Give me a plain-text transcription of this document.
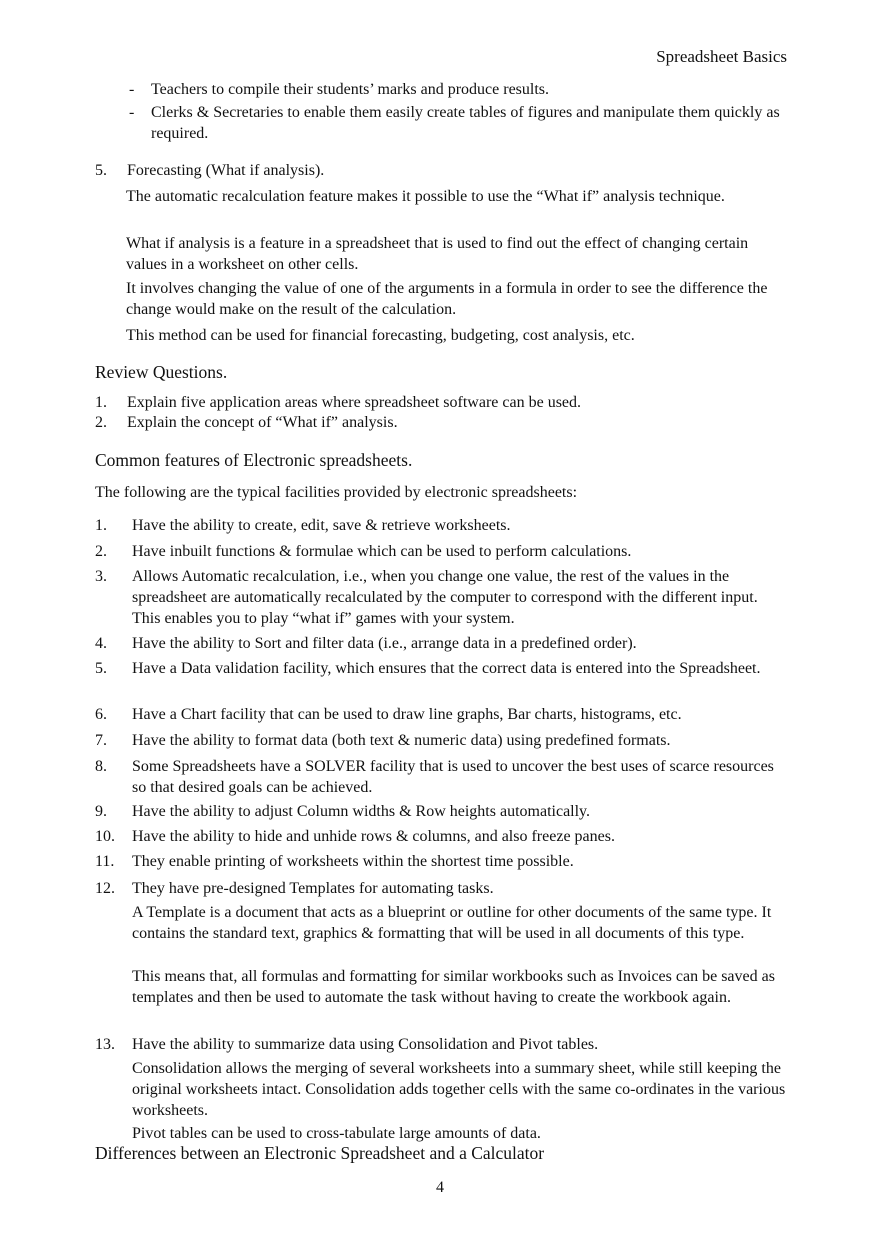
Spreadsheet Basics
- Teachers to compile their students’ marks and produce results.
- Clerks & Secretaries to enable them easily create tables of figures and manipulate them quickly as required.
5. Forecasting (What if analysis).
The automatic recalculation feature makes it possible to use the “What if” analysis technique.
What if analysis is a feature in a spreadsheet that is used to find out the effect of changing certain values in a worksheet on other cells.
It involves changing the value of one of the arguments in a formula in order to see the difference the change would make on the result of the calculation.
This method can be used for financial forecasting, budgeting, cost analysis, etc.
Review Questions.
1. Explain five application areas where spreadsheet software can be used.
2. Explain the concept of “What if” analysis.
Common features of Electronic spreadsheets.
The following are the typical facilities provided by electronic spreadsheets:
1. Have the ability to create, edit, save & retrieve worksheets.
2. Have inbuilt functions & formulae which can be used to perform calculations.
3. Allows Automatic recalculation, i.e., when you change one value, the rest of the values in the spreadsheet are automatically recalculated by the computer to correspond with the different input. This enables you to play “what if” games with your system.
4. Have the ability to Sort and filter data (i.e., arrange data in a predefined order).
5. Have a Data validation facility, which ensures that the correct data is entered into the Spreadsheet.
6. Have a Chart facility that can be used to draw line graphs, Bar charts, histograms, etc.
7. Have the ability to format data (both text & numeric data) using predefined formats.
8. Some Spreadsheets have a SOLVER facility that is used to uncover the best uses of scarce resources so that desired goals can be achieved.
9. Have the ability to adjust Column widths & Row heights automatically.
10. Have the ability to hide and unhide rows & columns, and also freeze panes.
11. They enable printing of worksheets within the shortest time possible.
12. They have pre-designed Templates for automating tasks.
A Template is a document that acts as a blueprint or outline for other documents of the same type. It contains the standard text, graphics & formatting that will be used in all documents of this type.
This means that, all formulas and formatting for similar workbooks such as Invoices can be saved as templates and then be used to automate the task without having to create the workbook again.
13. Have the ability to summarize data using Consolidation and Pivot tables.
Consolidation allows the merging of several worksheets into a summary sheet, while still keeping the original worksheets intact. Consolidation adds together cells with the same co-ordinates in the various worksheets.
Pivot tables can be used to cross-tabulate large amounts of data.
Differences between an Electronic Spreadsheet and a Calculator
4
